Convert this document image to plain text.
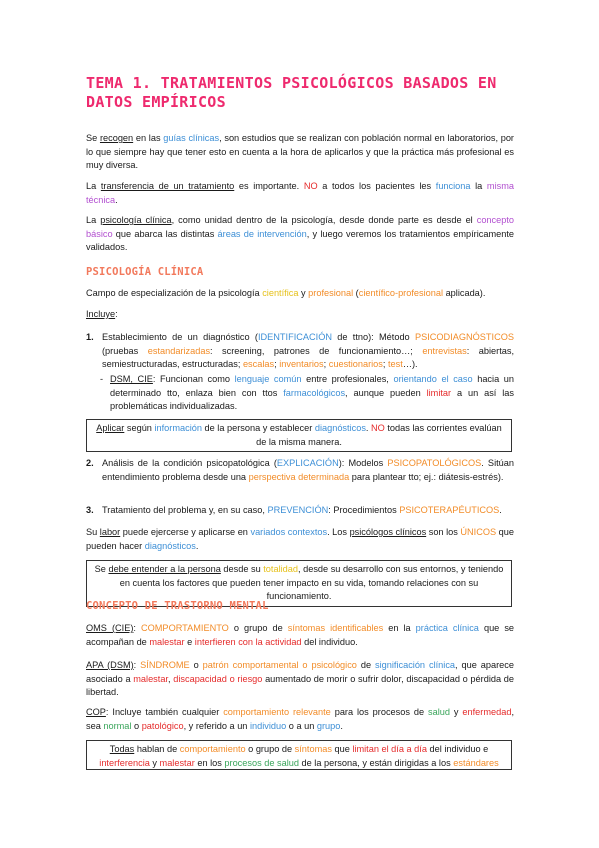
TEMA 1. TRATAMIENTOS PSICOLÓGICOS BASADOS EN DATOS EMPÍRICOS
Se recogen en las guías clínicas, son estudios que se realizan con población normal en laboratorios, por lo que siempre hay que tener esto en cuenta a la hora de aplicarlos y que la práctica más profesional es muy diversa.
La transferencia de un tratamiento es importante. NO a todos los pacientes les funciona la misma técnica.
La psicología clínica, como unidad dentro de la psicología, desde donde parte es desde el concepto básico que abarca las distintas áreas de intervención, y luego veremos los tratamientos empíricamente validados.
PSICOLOGÍA CLÍNICA
Campo de especialización de la psicología científica y profesional (científico-profesional aplicada).
Incluye:
1. Establecimiento de un diagnóstico (IDENTIFICACIÓN de ttno): Método PSICODIAGNÓSTICOS (pruebas estandarizadas: screening, patrones de funcionamiento…; entrevistas: abiertas, semiestructuradas, estructuradas; escalas; inventarios; cuestionarios; test…).
- DSM, CIE: Funcionan como lenguaje común entre profesionales, orientando el caso hacia un determinado tto, enlaza bien con ttos farmacológicos, aunque pueden limitar a un así las problemáticas individualizadas.
Aplicar según información de la persona y establecer diagnósticos. NO todas las corrientes evalúan de la misma manera.
2. Análisis de la condición psicopatológica (EXPLICACIÓN): Modelos PSICOPATOLÓGICOS. Sitúan entendimiento problema desde una perspectiva determinada para plantear tto; ej.: diátesis-estrés).
3. Tratamiento del problema y, en su caso, PREVENCIÓN: Procedimientos PSICOTERAPÉUTICOS.
Su labor puede ejercerse y aplicarse en variados contextos. Los psicólogos clínicos son los ÚNICOS que pueden hacer diagnósticos.
Se debe entender a la persona desde su totalidad, desde su desarrollo con sus entornos, y teniendo en cuenta los factores que pueden tener impacto en su vida, tomando relaciones con su funcionamiento.
CONCEPTO DE TRASTORNO MENTAL
OMS (CIE): COMPORTAMIENTO o grupo de síntomas identificables en la práctica clínica que se acompañan de malestar e interfieren con la actividad del individuo.
APA (DSM): SÍNDROME o patrón comportamental o psicológico de significación clínica, que aparece asociado a malestar, discapacidad o riesgo aumentado de morir o sufrir dolor, discapacidad o pérdida de libertad.
COP: Incluye también cualquier comportamiento relevante para los procesos de salud y enfermedad, sea normal o patológico, y referido a un individuo o a un grupo.
Todas hablan de comportamiento o grupo de síntomas que limitan el día a día del individuo e interferencia y malestar en los procesos de salud de la persona, y están dirigidas a los estándares
